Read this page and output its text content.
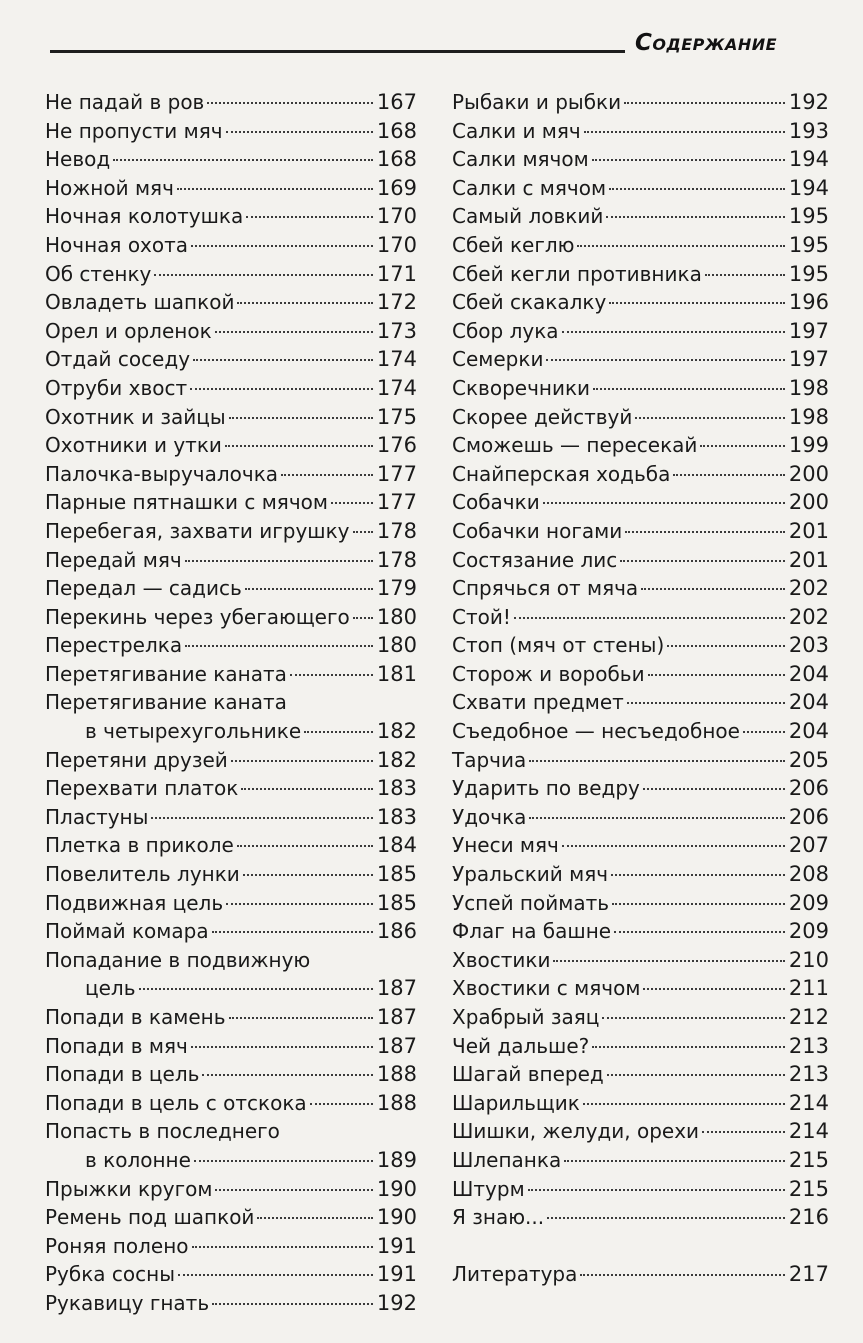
Содержание
Не падай в ров	167
Не пропусти мяч	168
Невод	168
Ножной мяч	169
Ночная колотушка	170
Ночная охота	170
Об стенку	171
Овладеть шапкой	172
Орел и орленок	173
Отдай соседу	174
Отруби хвост	174
Охотник и зайцы	175
Охотники и утки	176
Палочка-выручалочка	177
Парные пятнашки с мячом 177
Перебегая, захвати игрушку 178
Передай мяч	178
Передал — садись	179
Перекинь через убегающего 180
Перестрелка	180
Перетягивание каната	181
Перетягивание каната
в четырехугольнике	182
Перетяни друзей	182
Перехвати платок	183
Пластуны	183
Плетка в приколе	184
Повелитель лунки	185
Подвижная цель	185
Поймай комара	186
Попадание в подвижную
цель	187
Попади в камень	187
Попади в мяч	187
Попади в цель	188
Попади в цель с отскока	188
Попасть в последнего
в колонне	189
Прыжки кругом	190
Ремень под шапкой	190
Роняя полено	191
Рубка сосны	191
Рукавицу гнать	192
Рыбаки и рыбки	192
Салки и мяч	193
Салки мячом	194
Салки с мячом	194
Самый ловкий	195
Сбей кеглю	195
Сбей кегли противника	195
Сбей скакалку	196
Сбор лука	197
Семерки	197
Скворечники	198
Скорее действуй	198
Сможешь — пересекай	199
Снайперская ходьба	200
Собачки	200
Собачки ногами	201
Состязание лис	201
Спрячься от мяча	202
Стой!	202
Стоп (мяч от стены)	203
Сторож и воробьи	204
Схвати предмет	204
Съедобное — несъедобное 204
Тарчиа	205
Ударить по ведру	206
Удочка	206
Унеси мяч	207
Уральский мяч	208
Успей поймать	209
Флаг на башне	209
Хвостики	210
Хвостики с мячом	211
Храбрый заяц	212
Чей дальше?	213
Шагай вперед	213
Шарильщик	214
Шишки, желуди, орехи	214
Шлепанка	215
Штурм	215
Я знаю...	216
Литература	217
